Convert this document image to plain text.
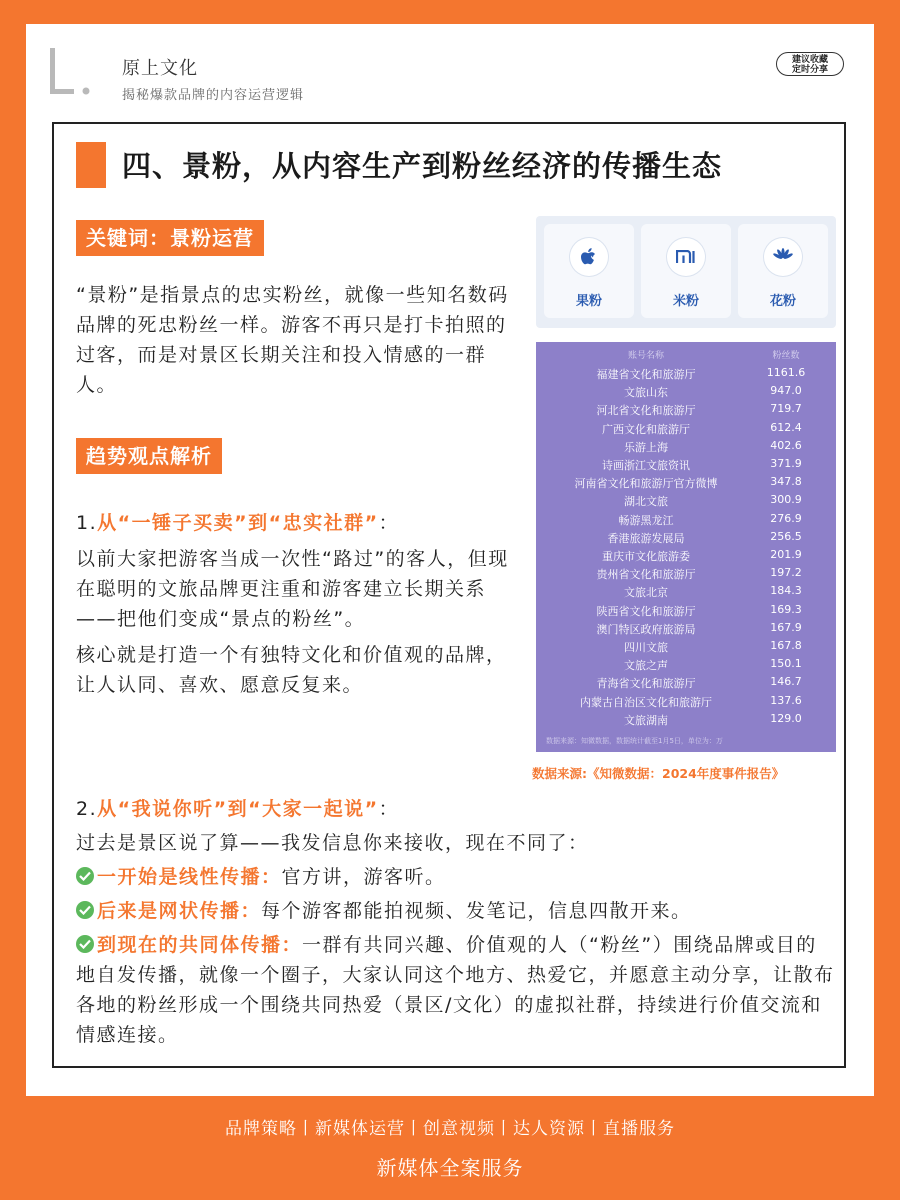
原上文化
揭秘爆款品牌的内容运营逻辑
建议收藏
定时分享
四、景粉，从内容生产到粉丝经济的传播生态
关键词：景粉运营
“景粉”是指景点的忠实粉丝，就像一些知名数码品牌的死忠粉丝一样。游客不再只是打卡拍照的过客，而是对景区长期关注和投入情感的一群人。
趋势观点解析
1.从“一锤子买卖”到“忠实社群”：
以前大家把游客当成一次性“路过”的客人，但现在聪明的文旅品牌更注重和游客建立长期关系——把他们变成“景点的粉丝”。
核心就是打造一个有独特文化和价值观的品牌，让人认同、喜欢、愿意反复来。
2.从“我说你听”到“大家一起说”：
过去是景区说了算——我发信息你来接收，现在不同了：
一开始是线性传播：官方讲，游客听。
后来是网状传播：每个游客都能拍视频、发笔记，信息四散开来。
到现在的共同体传播：一群有共同兴趣、价值观的人（“粉丝”）围绕品牌或目的地自发传播，就像一个圈子，大家认同这个地方、热爱它，并愿意主动分享，让散布各地的粉丝形成一个围绕共同热爱（景区/文化）的虚拟社群，持续进行价值交流和情感连接。
果粉	米粉	花粉
账号名称	粉丝数
福建省文化和旅游厅	1161.6
文旅山东	947.0
河北省文化和旅游厅	719.7
广西文化和旅游厅	612.4
乐游上海	402.6
诗画浙江文旅资讯	371.9
河南省文化和旅游厅官方微博	347.8
湖北文旅	300.9
畅游黑龙江	276.9
香港旅游发展局	256.5
重庆市文化旅游委	201.9
贵州省文化和旅游厅	197.2
文旅北京	184.3
陕西省文化和旅游厅	169.3
澳门特区政府旅游局	167.9
四川文旅	167.8
文旅之声	150.1
青海省文化和旅游厅	146.7
内蒙古自治区文化和旅游厅	137.6
文旅湖南	129.0
数据来源：知微数据，数据统计截至1月5日，单位为：万
数据来源:《知微数据：2024年度事件报告》
品牌策略丨新媒体运营丨创意视频丨达人资源丨直播服务
新媒体全案服务
